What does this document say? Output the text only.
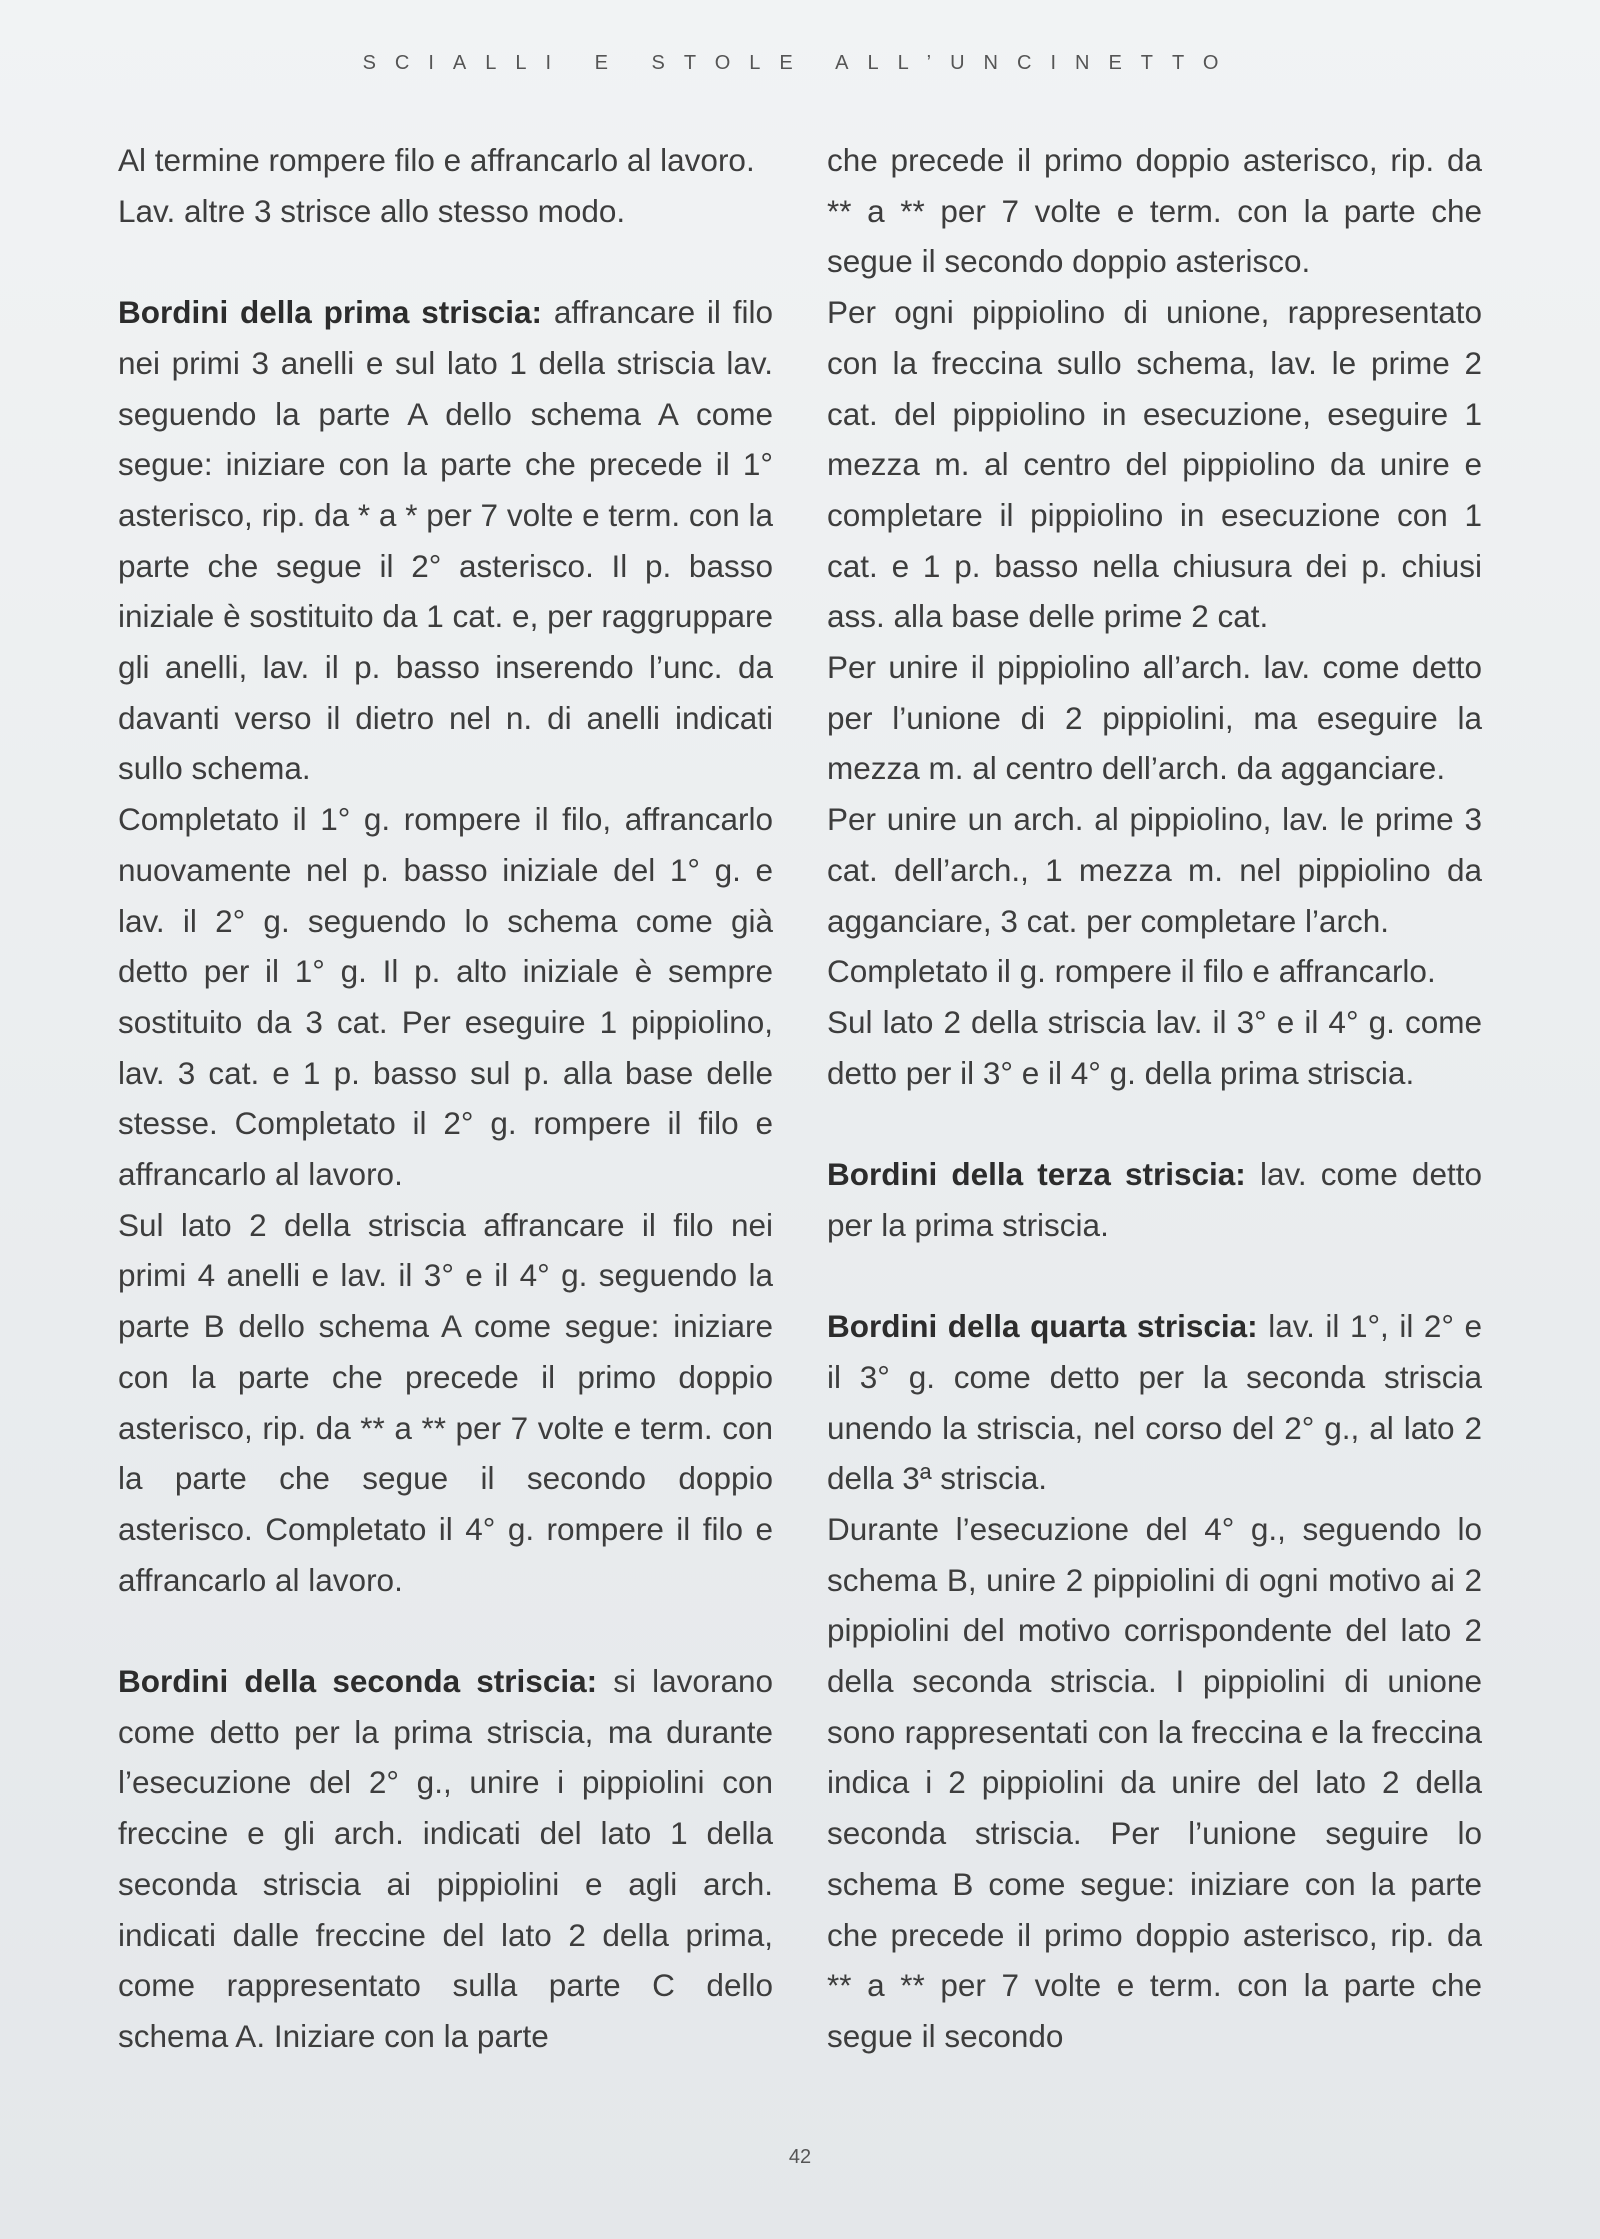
SCIALLI E STOLE ALL’UNCINETTO

Al termine rompere filo e affrancarlo al lavoro.

Lav. altre 3 strisce allo stesso modo.

Bordini della prima striscia: affrancare il filo nei primi 3 anelli e sul lato 1 della striscia lav. seguendo la parte A dello schema A come segue: iniziare con la parte che precede il 1° asterisco, rip. da * a * per 7 volte e term. con la parte che segue il 2° asterisco. Il p. basso iniziale è sostituito da 1 cat. e, per raggruppare gli anelli, lav. il p. basso inserendo l’unc. da davanti verso il dietro nel n. di anelli indicati sullo schema.

Completato il 1° g. rompere il filo, affrancarlo nuovamente nel p. basso iniziale del 1° g. e lav. il 2° g. seguendo lo schema come già detto per il 1° g. Il p. alto iniziale è sempre sostituito da 3 cat. Per eseguire 1 pippiolino, lav. 3 cat. e 1 p. basso sul p. alla base delle stesse. Completato il 2° g. rompere il filo e affrancarlo al lavoro.

Sul lato 2 della striscia affrancare il filo nei primi 4 anelli e lav. il 3° e il 4° g. seguendo la parte B dello schema A come segue: iniziare con la parte che precede il primo doppio asterisco, rip. da ** a ** per 7 volte e term. con la parte che segue il secondo doppio asterisco. Completato il 4° g. rompere il filo e affrancarlo al lavoro.

Bordini della seconda striscia: si lavorano come detto per la prima striscia, ma durante l’esecuzione del 2° g., unire i pippiolini con freccine e gli arch. indicati del lato 1 della seconda striscia ai pippiolini e agli arch. indicati dalle freccine del lato 2 della prima, come rappresentato sulla parte C dello schema A. Iniziare con la parte

che precede il primo doppio asterisco, rip. da ** a ** per 7 volte e term. con la parte che segue il secondo doppio asterisco.

Per ogni pippiolino di unione, rappresentato con la freccina sullo schema, lav. le prime 2 cat. del pippiolino in esecuzione, eseguire 1 mezza m. al centro del pippiolino da unire e completare il pippiolino in esecuzione con 1 cat. e 1 p. basso nella chiusura dei p. chiusi ass. alla base delle prime 2 cat.

Per unire il pippiolino all’arch. lav. come detto per l’unione di 2 pippiolini, ma eseguire la mezza m. al centro dell’arch. da agganciare.

Per unire un arch. al pippiolino, lav. le prime 3 cat. dell’arch., 1 mezza m. nel pippiolino da agganciare, 3 cat. per completare l’arch.

Completato il g. rompere il filo e affrancarlo.

Sul lato 2 della striscia lav. il 3° e il 4° g. come detto per il 3° e il 4° g. della prima striscia.

Bordini della terza striscia: lav. come detto per la prima striscia.

Bordini della quarta striscia: lav. il 1°, il 2° e il 3° g. come detto per la seconda striscia unendo la striscia, nel corso del 2° g., al lato 2 della 3ª striscia.

Durante l’esecuzione del 4° g., seguendo lo schema B, unire 2 pippiolini di ogni motivo ai 2 pippiolini del motivo corrispondente del lato 2 della seconda striscia. I pippiolini di unione sono rappresentati con la freccina e la freccina indica i 2 pippiolini da unire del lato 2 della seconda striscia. Per l’unione seguire lo schema B come segue: iniziare con la parte che precede il primo doppio asterisco, rip. da ** a ** per 7 volte e term. con la parte che segue il secondo

42
